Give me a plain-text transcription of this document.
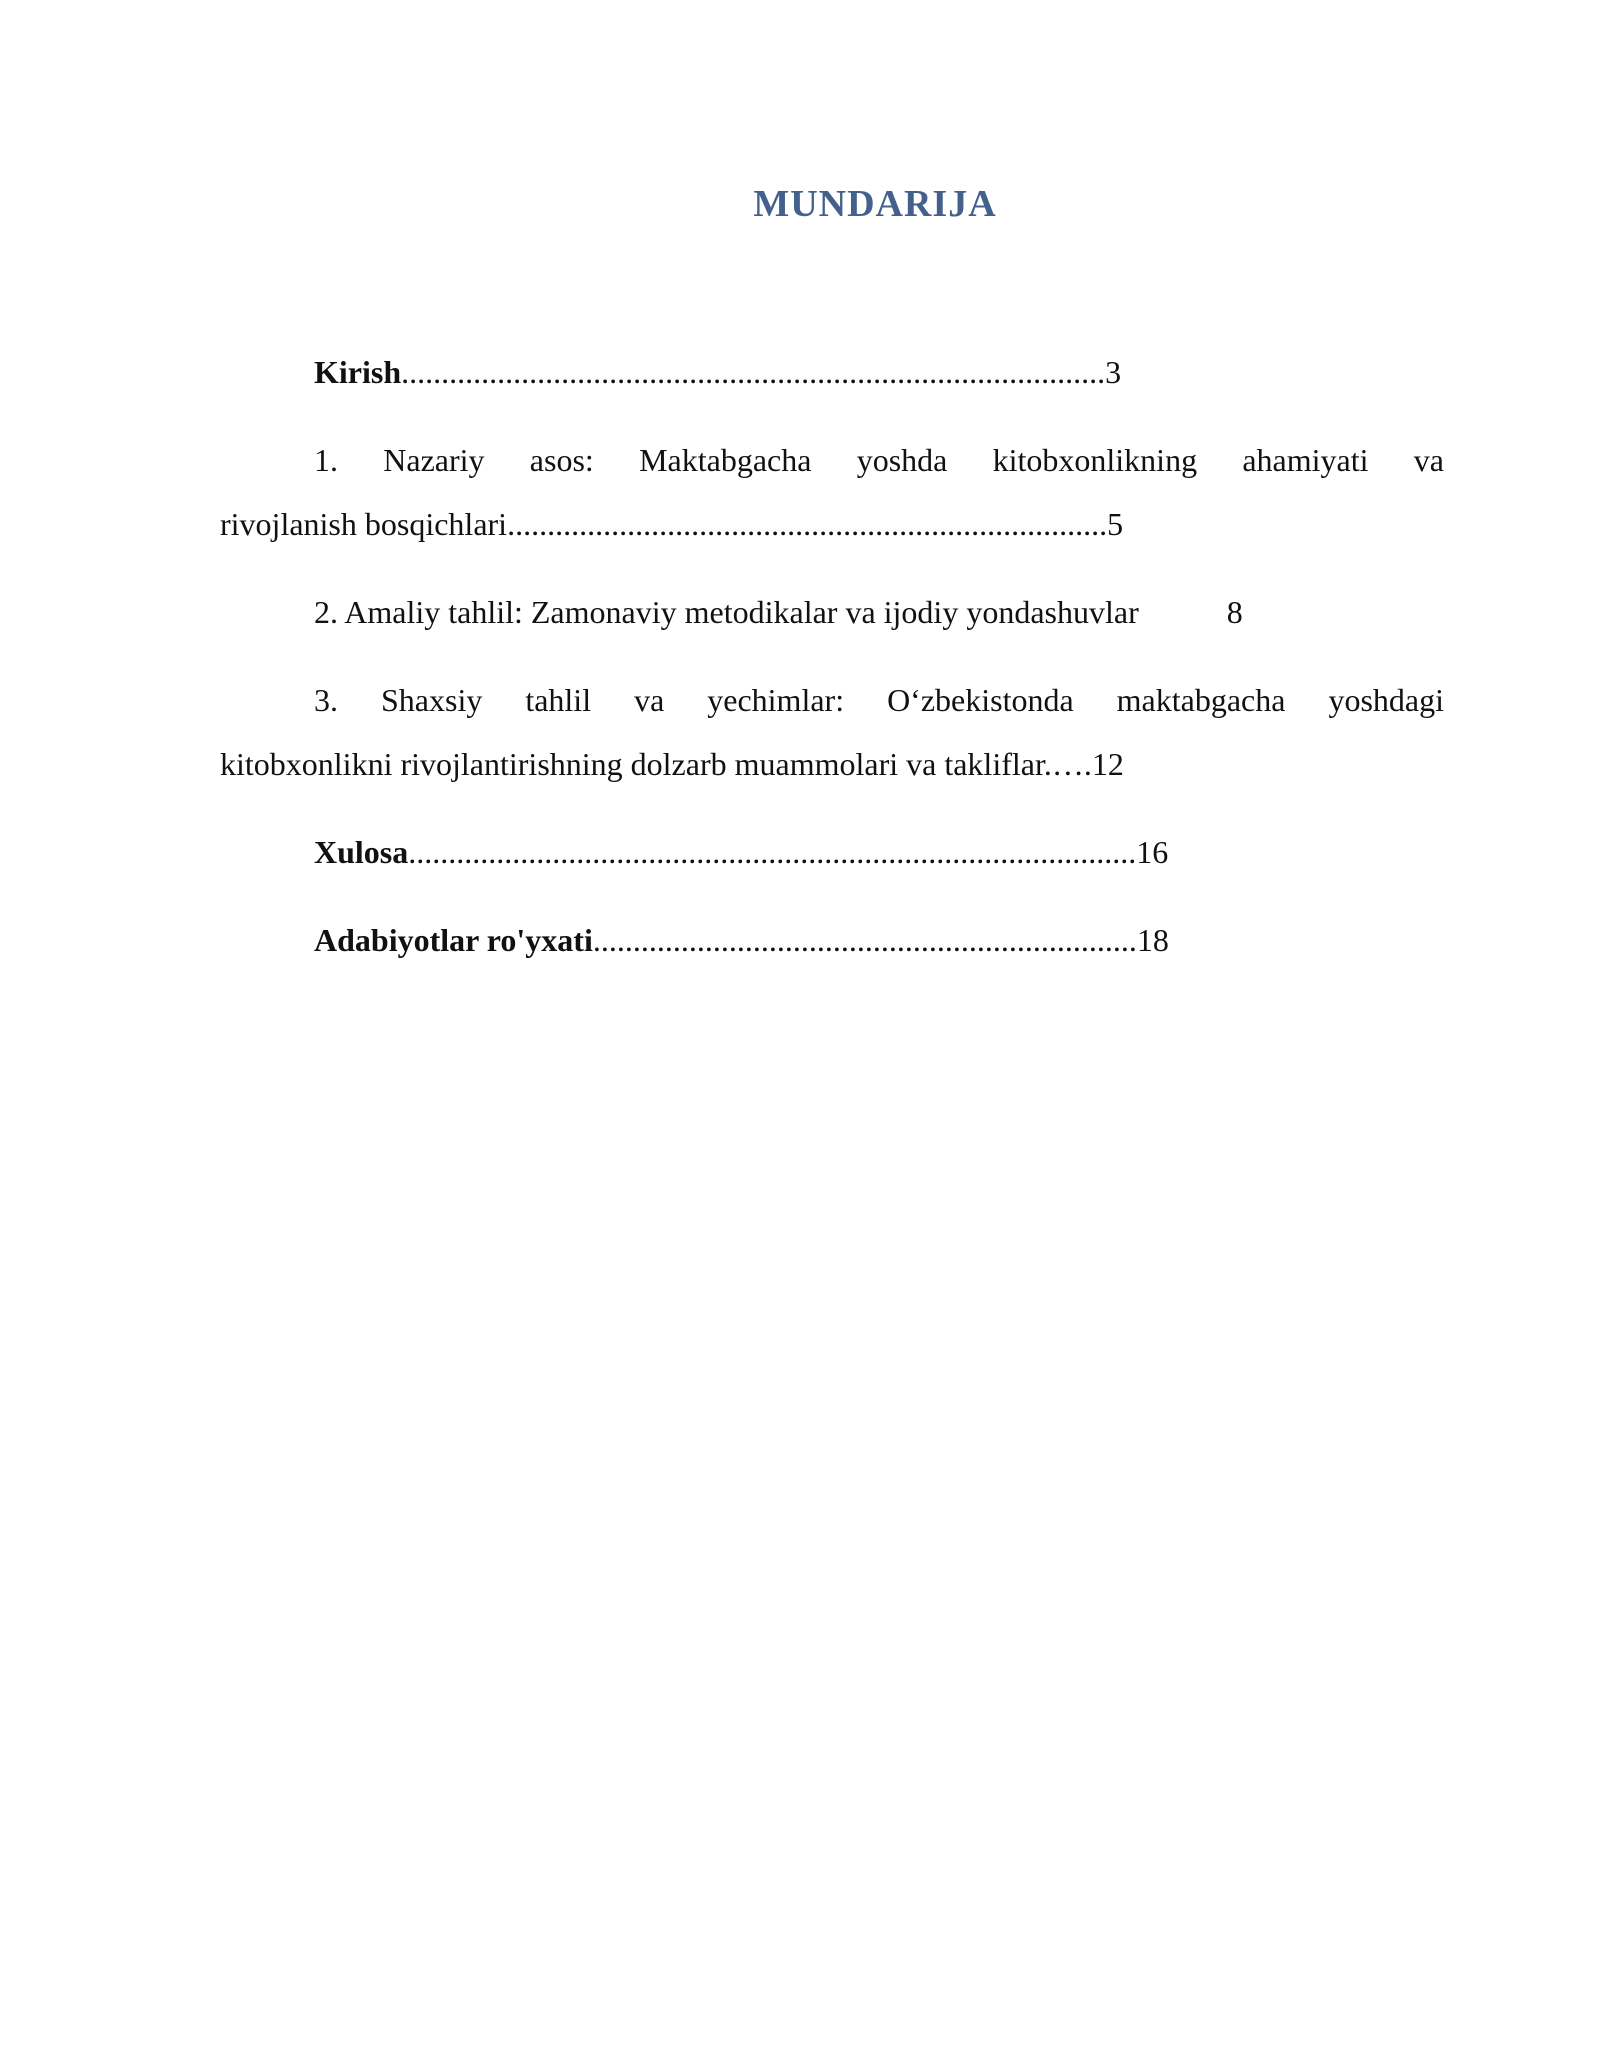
MUNDARIJA
Kirish........................................................................................3
1. Nazariy asos: Maktabgacha yoshda kitobxonlikning ahamiyati va
rivojlanish bosqichlari...........................................................................5
2. Amaliy tahlil: Zamonaviy metodikalar va ijodiy yondashuvlar	8
3. Shaxsiy tahlil va yechimlar: O‘zbekistonda maktabgacha yoshdagi
kitobxonlikni rivojlantirishning dolzarb muammolari va takliflar.….12
Xulosa...........................................................................................16
Adabiyotlar ro'yxati....................................................................18
